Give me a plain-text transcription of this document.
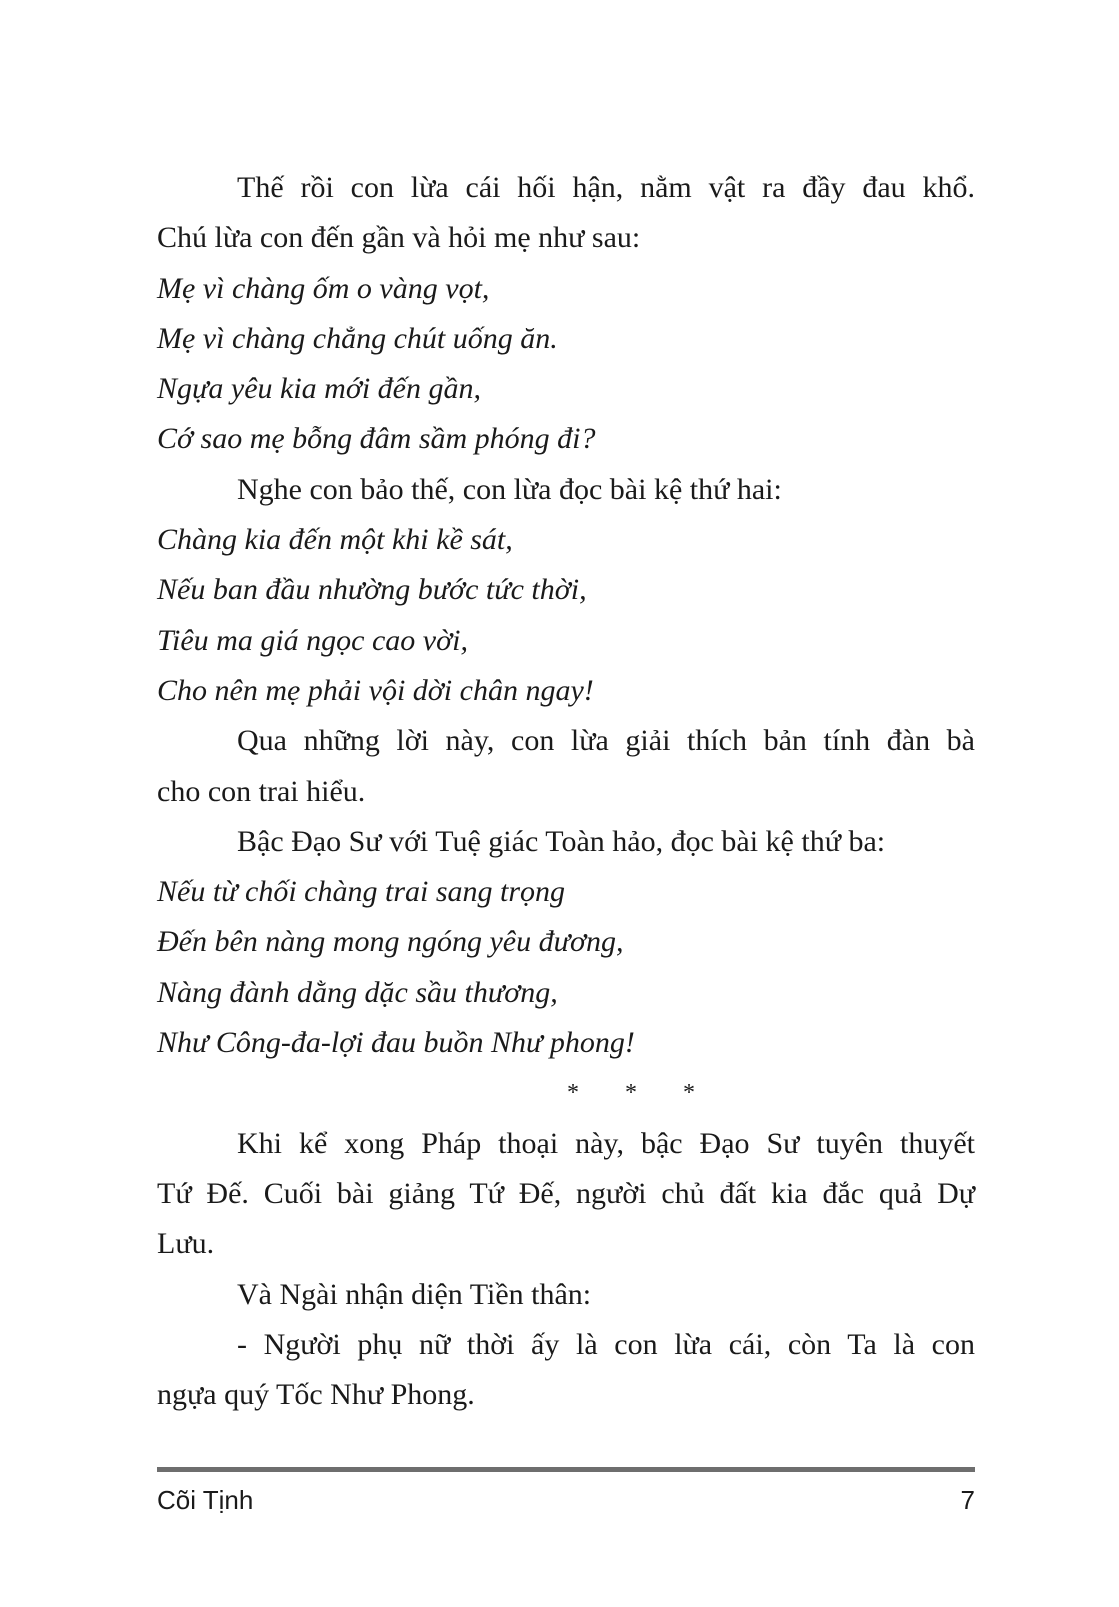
Thế rồi con lừa cái hối hận, nằm vật ra đầy đau khổ.
Chú lừa con đến gần và hỏi mẹ như sau:
Mẹ vì chàng ốm o vàng vọt,
Mẹ vì chàng chẳng chút uống ăn.
Ngựa yêu kia mới đến gần,
Cớ sao mẹ bỗng đâm sầm phóng đi?
Nghe con bảo thế, con lừa đọc bài kệ thứ hai:
Chàng kia đến một khi kề sát,
Nếu ban đầu nhường bước tức thời,
Tiêu ma giá ngọc cao vời,
Cho nên mẹ phải vội dời chân ngay!
Qua những lời này, con lừa giải thích bản tính đàn bà
cho con trai hiểu.
Bậc Đạo Sư với Tuệ giác Toàn hảo, đọc bài kệ thứ ba:
Nếu từ chối chàng trai sang trọng
Đến bên nàng mong ngóng yêu đương,
Nàng đành dằng dặc sầu thương,
Như Công-đa-lợi đau buồn Như phong!
* * *
Khi kể xong Pháp thoại này, bậc Đạo Sư tuyên thuyết
Tứ Đế. Cuối bài giảng Tứ Đế, người chủ đất kia đắc quả Dự
Lưu.
Và Ngài nhận diện Tiền thân:
- Người phụ nữ thời ấy là con lừa cái, còn Ta là con
ngựa quý Tốc Như Phong.
Cõi Tịnh	7
